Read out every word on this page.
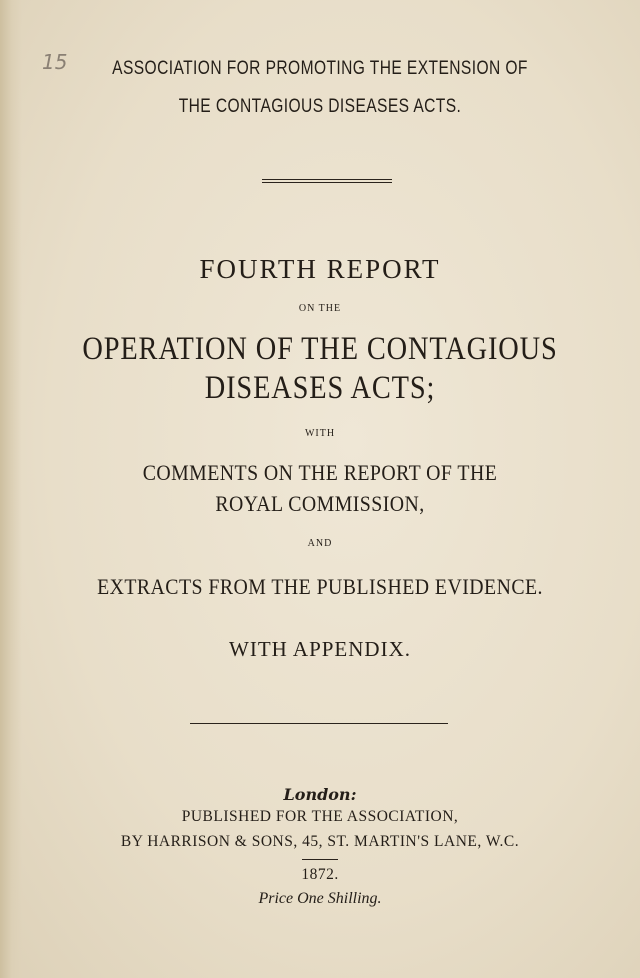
15	ASSOCIATION FOR PROMOTING THE EXTENSION OF
THE CONTAGIOUS DISEASES ACTS.
FOURTH REPORT
ON THE
OPERATION OF THE CONTAGIOUS
DISEASES ACTS;
WITH
COMMENTS ON THE REPORT OF THE
ROYAL COMMISSION,
AND
EXTRACTS FROM THE PUBLISHED EVIDENCE.
WITH APPENDIX.
London:
PUBLISHED FOR THE ASSOCIATION,
BY HARRISON & SONS, 45, ST. MARTIN'S LANE, W.C.
1872.
Price One Shilling.
